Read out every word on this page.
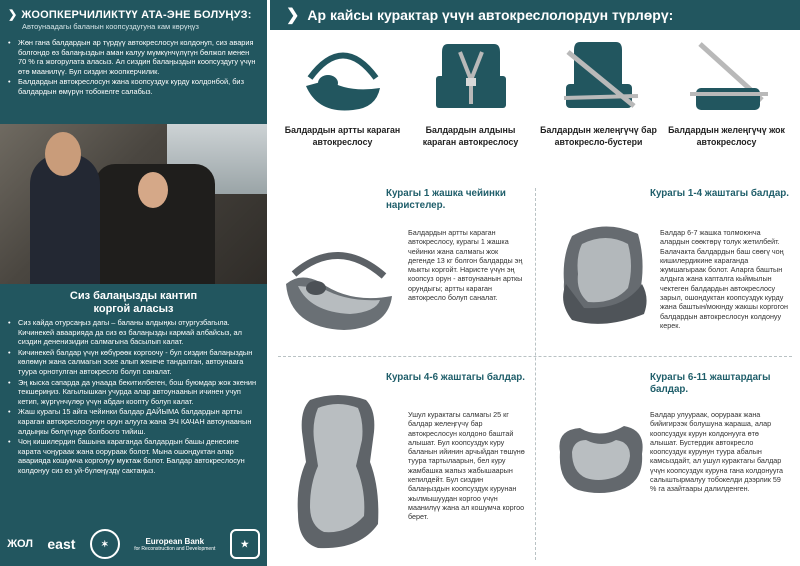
❯ ЖООПКЕРЧИЛИКТҮҮ АТА-ЭНЕ БОЛУҢУЗ:
Автоунаадагы баланын коопсуздугуна кам көрүңүз
• Жөн гана балдардын ар түрдүү автокреслосун колдонуп, сиз авария болгондо өз балаңыздын аман калуу мүмкүнчүлүгүн бөлжол менен 70 % га жогорулата аласыз. Ал сиздин балаңыздын коопсуздугу үчүн өтө маанилүү. Бул сиздин жоопкерчилик.
• Балдардын автокреслосун жана коопсуздук курду колдонбой, биз балдардын өмүрүн тобокелге салабыз.
Сиз балаңызды кантип коргой аласыз
• Сиз кайда отурсаңыз дагы – баланы алдыңкы отургузбагыла. Кичинекей аваарияда да сиз өз балаңызды кармай албайсыз, ал сиздин дененизидин салмагына басылып калат.
• Кичинекей балдар үчүн көбүрөөк коргоочу - бул сиздин балаңыздын көлөмүн жана салмагын эске алып жекече тандалган, автоунаага туура орнотулган автокресло болуп саналат.
• Эң кыска сапарда да унаада бекитилбеген, бош буюмдар жок экенин текшериңиз. Кагылышкан учурда алар автоунаанын ичинен учуп кетип, жүргүнчүлөр үчүн абдан коопту болуп калат.
• Жаш курагы 15 айга чейинки балдар ДАЙЫМА балдардын артты караган автокреслосунун орун алууга жана ЭЧ КАЧАН автоунаанын алдыңкы бөлүгүндө болбоого тийиш.
• Чоң кишилердин башына караганда балдардын башы денесине карата чоңураак жана оорураак болот. Мына ошондуктан алар аварияда кошумча корголуу муктаж болот. Балдар автокреслосун колдонуу сиз өз уй-бүлөңүздү сактаңыз.
ЖОЛ east	✶	European Bank
for Reconstruction and Development	★
❯ Ар кайсы курактар үчүн автокреслолордун түрлөрү:
Балдардын артты караган автокреслосу
Балдардын алдыны караган автокреслосу
Балдардын желеңгүчү бар автокресло-бустери
Балдардын желеңгүчү жок автокреслосу
Курагы 1 жашка чейинки наристелер.
Балдардын артты караган автокреслосу, курагы 1 жашка чейинки жана салмагы жок дегенде 13 кг болгон балдарды эң мыкты коргойт. Наристе үчүн эң коопсуз орун - автоунаанын арткы орундыгы; артты караган автокресло болуп саналат.
Курагы 1-4 жаштагы балдар.
Балдар 6-7 жашка толмоюнча алардын сөөктөрү толук жетилбейт. Балачакта балдардын баш сөөгү чоң кишилердикине караганда жумшагыраак болот. Аларга баштын алдыга жана капталга кыймылын чектеген балдардын автокреслосу зарыл, ошондуктан коопсуздук курду жана баштын/моюнду жакшы коргогон балдардын автокреслосун колдонуу керек.
Курагы 4-6 жаштагы балдар.
Ушул курактагы салмагы 25 кг балдар желеңгүчү бар автокреслосун колдоно баштай алышат. Бул коопсуздук куру баланын ийинин арчыйдан төшүнө туура тартылаарын, бел куру жамбашка жапыз жабышаарын кепилдейт. Бул сиздин балаңыздын коопсуздук курунан жылмышуудан коргоо үчүн маанилүү жана ал кошумча коргоо берет.
Курагы 6-11 жаштардагы балдар.
Балдар улуураак, оорураак жана бийигирээк болушуна жараша, алар коопсуздук курун колдонууга өтө алышат. Бустердик автокресло коопсуздук курунун туура абалын камсыздайт, ал ушул курактагы балдар үчүн коопсуздук куруна гана колдонууга салыштырмалуу тобокелди дээрлик 59 % га азайтаары далилденген.
